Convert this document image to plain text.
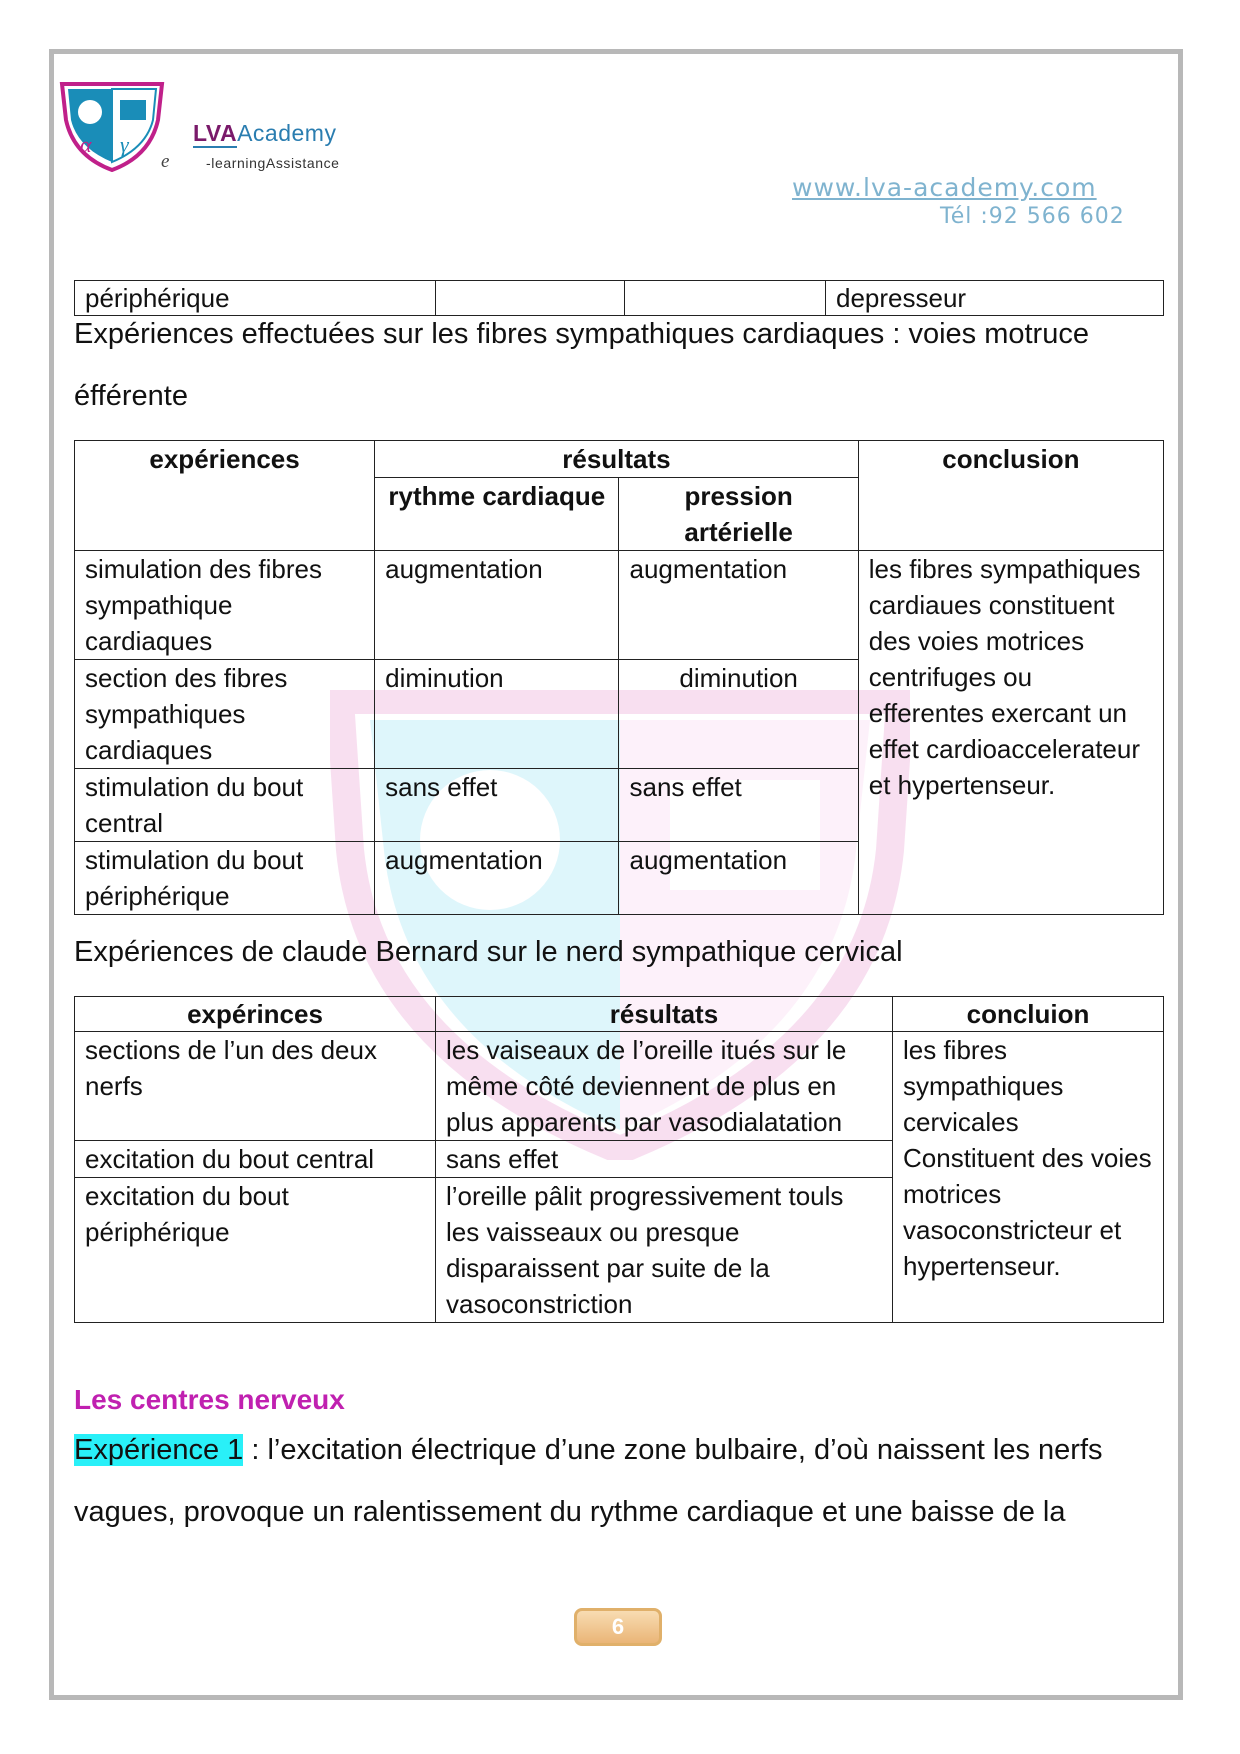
α γ	LVAAcademy
e	-learningAssistance
www.lva-academy.com
Tél :92 566 602
périphérique			depresseur
Expériences effectuées sur les fibres sympathiques cardiaques : voies motruce
éfférente
expériences	résultats		conclusion
	rythme cardiaque	pression artérielle	
simulation des fibres sympathique cardiaques	augmentation	augmentation	les fibres sympathiques cardiaues constituent des voies motrices centrifuges ou efferentes exercant un effet cardioaccelerateur et hypertenseur.
section des fibres sympathiques cardiaques	diminution	diminution	
stimulation du bout central	sans effet	sans effet	
stimulation du bout périphérique	augmentation	augmentation	
Expériences de claude Bernard sur le nerd sympathique cervical
expérinces	résultats	concluion
sections de l’un des deux nerfs	les vaiseaux de l’oreille itués sur le même côté deviennent de plus en plus apparents par vasodialatation	les fibres sympathiques cervicales Constituent des voies motrices vasoconstricteur et hypertenseur.
excitation du bout central	sans effet	
excitation du bout périphérique	l’oreille pâlit progressivement touls les vaisseaux ou presque disparaissent par suite de la vasoconstriction	
Les centres nerveux
Expérience 1 : l’excitation électrique d’une zone bulbaire, d’où naissent les nerfs
vagues, provoque un ralentissement du rythme cardiaque et une baisse de la
6
